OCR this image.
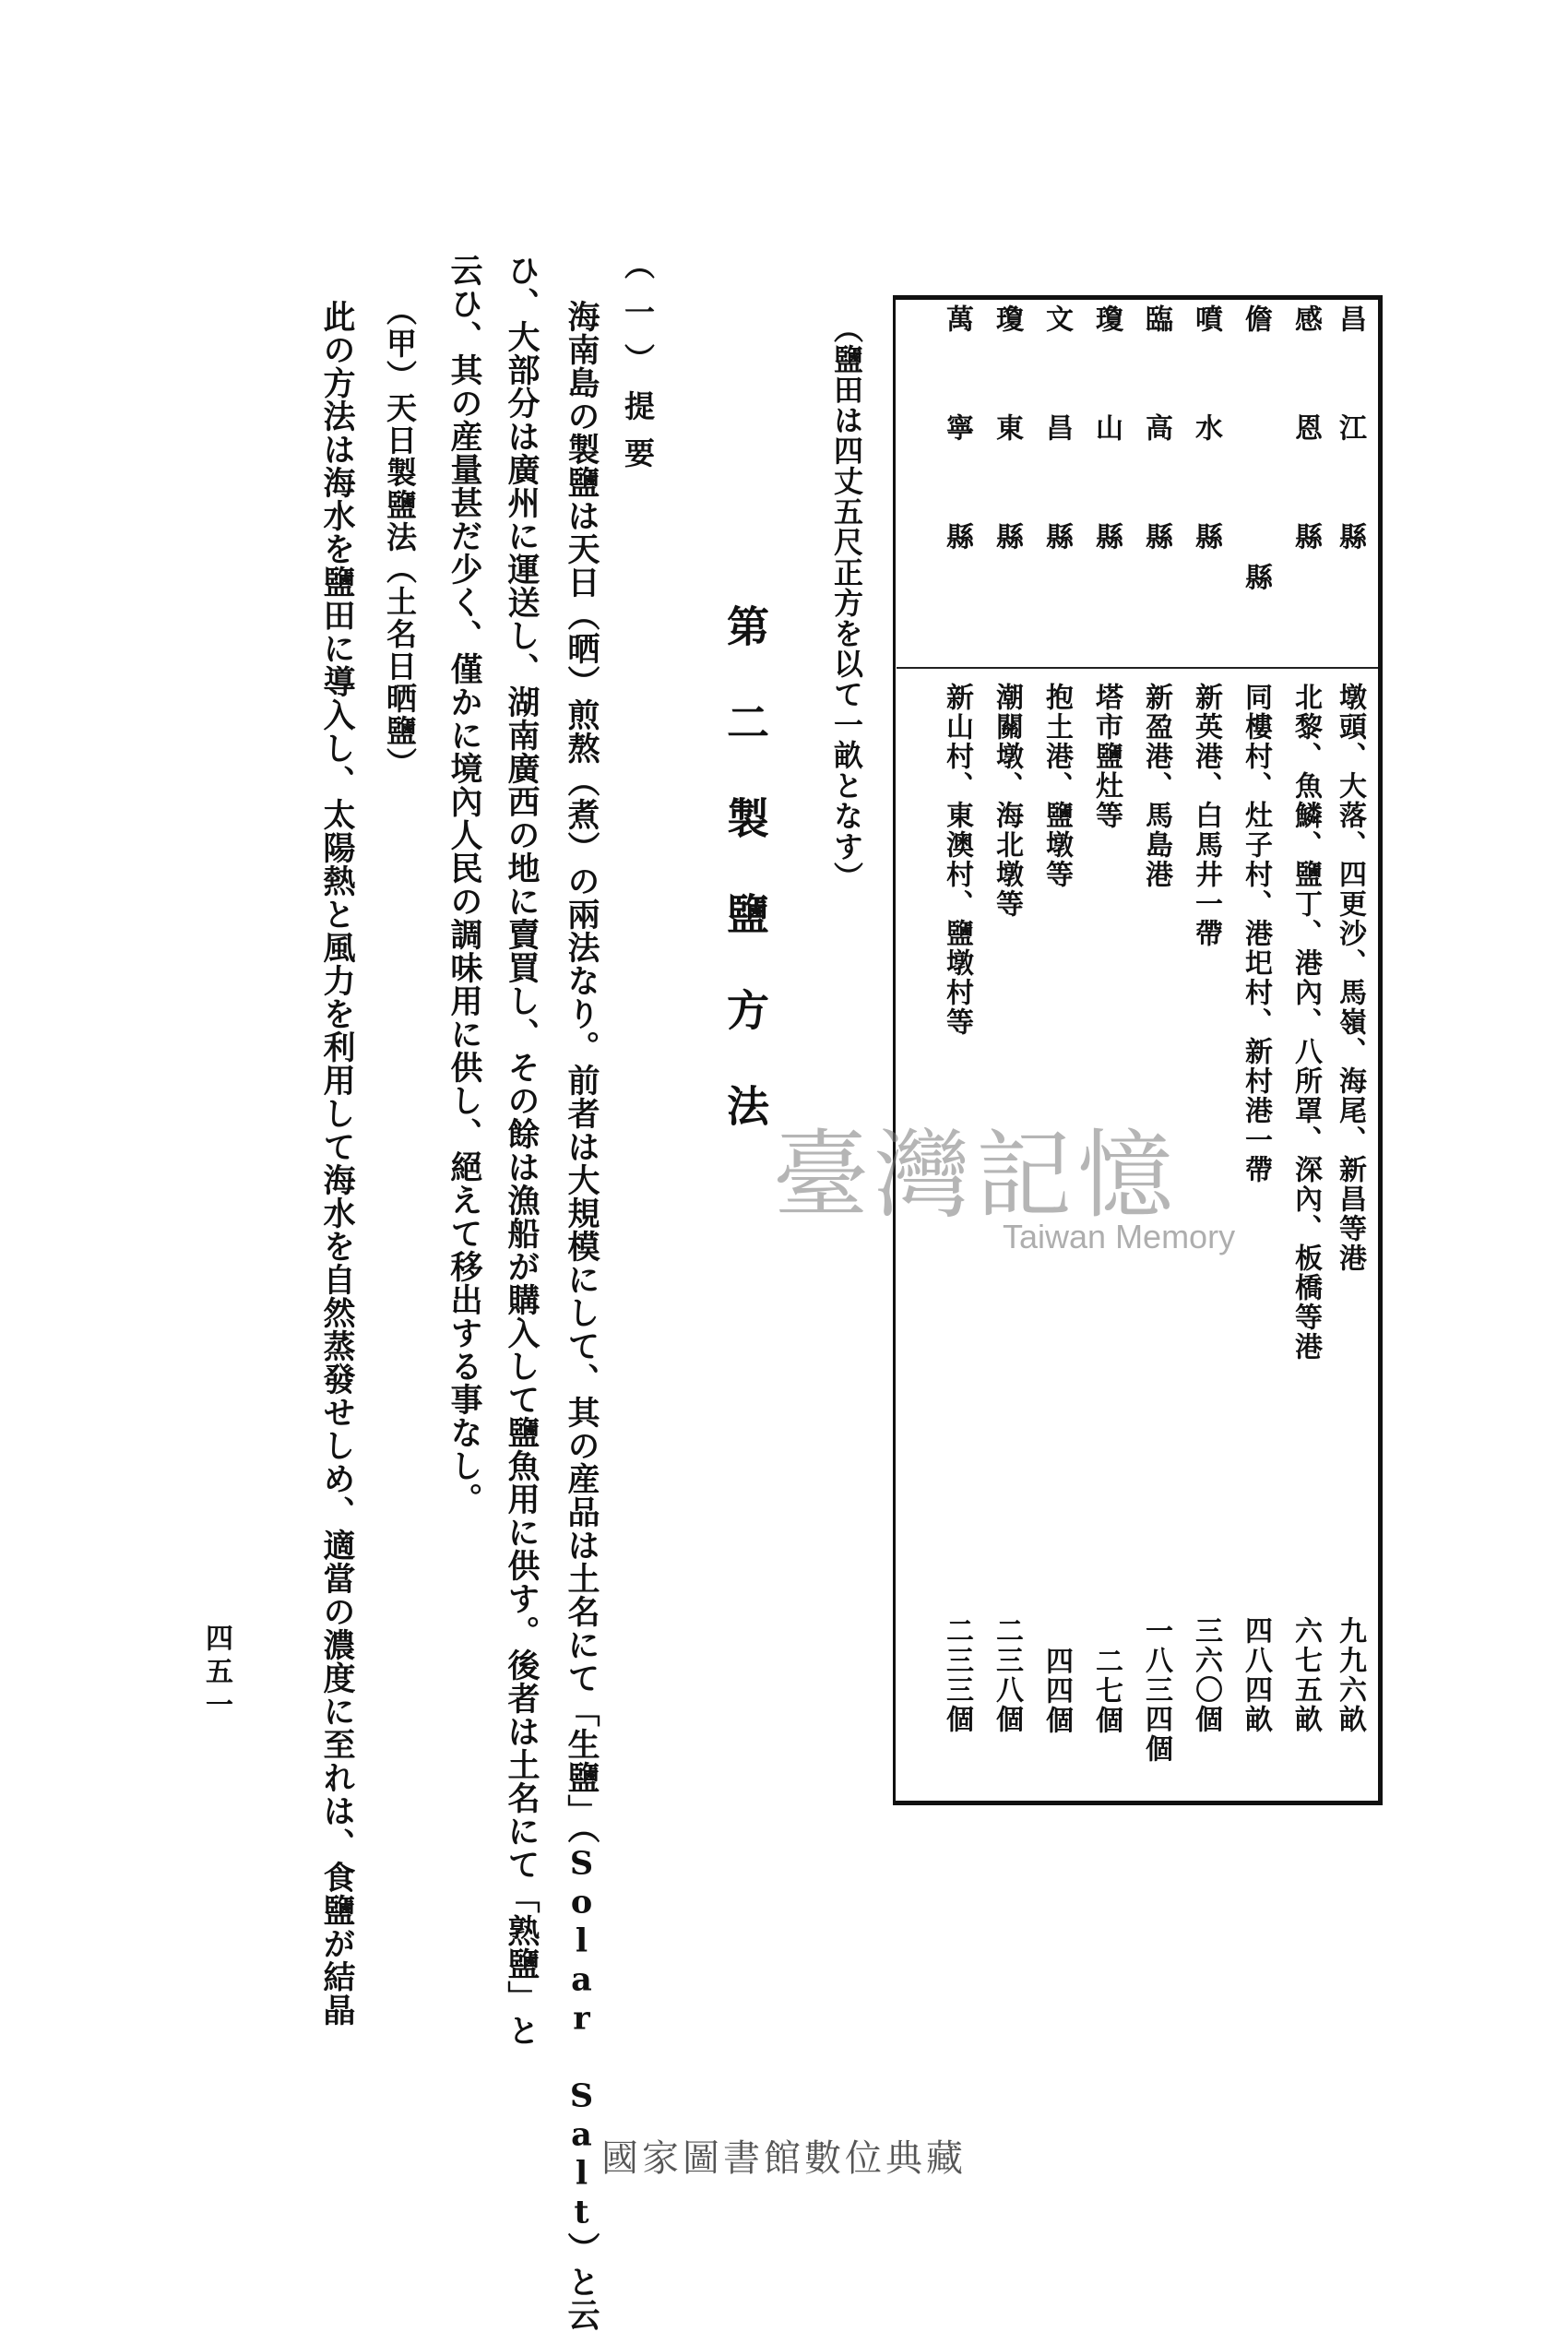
昌江縣
墩頭、大落、四更沙、馬嶺、海尾、新昌等港
九九六畝
感恩縣
北黎、魚鱗、鹽丁、港內、八所罩、深內、板橋等港
六七五畝
儋縣
同樓村、灶子村、港圯村、新村港一帶
四八四畝
噴水縣
新英港、白馬井一帶
三六〇個
臨高縣
新盈港、馬島港
一八三四個
瓊山縣
塔市鹽灶等
二七個
文昌縣
抱土港、鹽墩等
四四個
瓊東縣
潮關墩、海北墩等
二三八個
萬寧縣
新山村、東澳村、鹽墩村等
二三三個
（鹽田は四丈五尺正方を以て一畝となす）
第二製鹽方法
（一）提要
海南島の製鹽は天日（晒）煎熬（煮）の兩法なり。前者は大規模にして、其の産品は土名にて「生鹽」（Solar Salt）と云
ひ、大部分は廣州に運送し、湖南廣西の地に賣買し、その餘は漁船が購入して鹽魚用に供す。後者は土名にて「熟鹽」と
云ひ、其の産量甚だ少く、僅かに境內人民の調味用に供し、絕えて移出する事なし。
（甲）天日製鹽法（土名日晒鹽）
此の方法は海水を鹽田に導入し、太陽熱と風力を利用して海水を自然蒸發せしめ、適當の濃度に至れは、食鹽が結晶
四五一
臺灣記憶
Taiwan Memory
國家圖書館數位典藏
